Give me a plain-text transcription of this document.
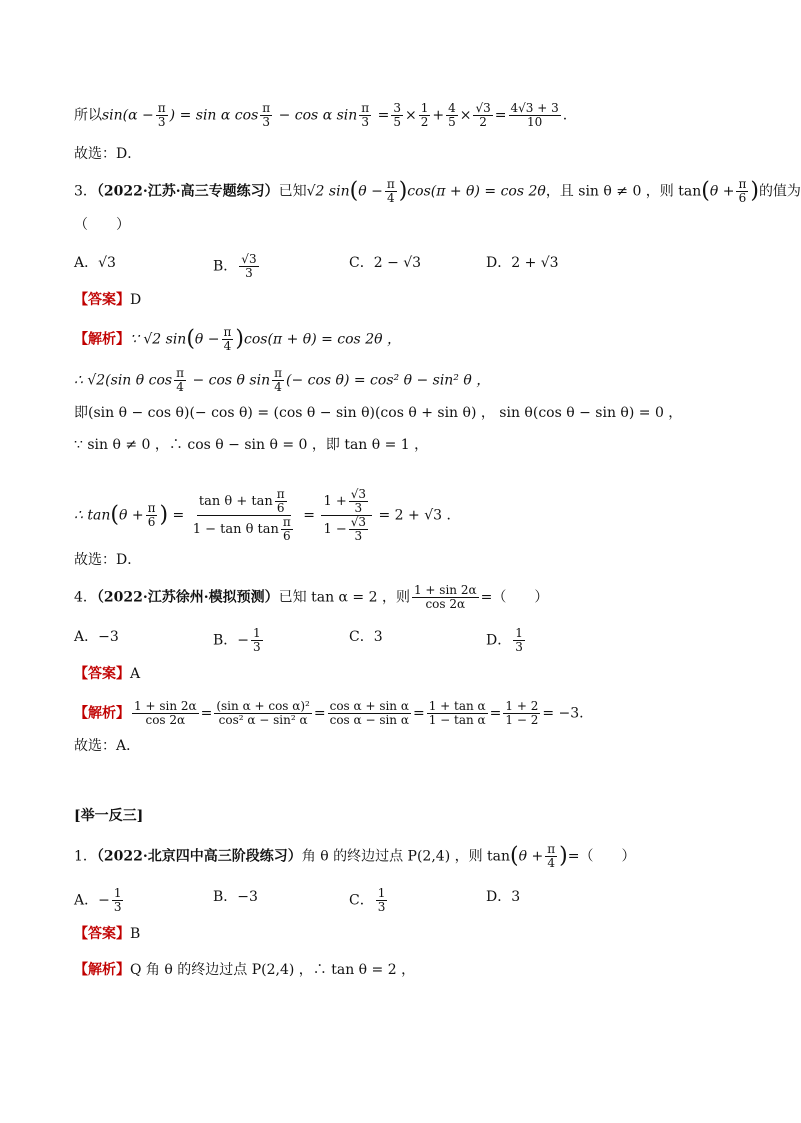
所以$\sin(\alpha - \frac{\pi}{3}$ ) = sin α $\cos \frac{\pi}{3} - \cos \alpha$ $\sin \frac{\pi}{3} = \frac{3}{5} \times \frac{1}{2} + \frac{4}{5} \times \frac{√3}{2} = \frac{4√3 + 3}{10}$ .
故选：D．
3．（2022·江苏·高三专题练习）已知√2 $\sin(\theta - \frac{\pi}{4} )\cos(\pi + \theta) = \cos 2\theta$，且 sin θ ≠ 0 ，则 $\tan(\theta + \frac{\pi}{6}$ )的值为
（　　）
A．√3	B． $\frac{√3}{3}$	C．2 − √3	D．2 + √3
【答案】D
【解析】∵ √2 $\sin(\theta - \frac{\pi}{4} )\cos(\pi + \theta) = \cos 2\theta$ ，
∴ √2(sin θ $\cos \frac{\pi}{4} - \cos \theta$ $\sin \frac{\pi}{4}$ (− cos θ) = cos² θ − sin² θ ，
即(sin θ − cos θ)(− cos θ) = (cos θ − sin θ)(cos θ + sin θ) ， sin θ(cos θ − sin θ) = 0 ，
∵ sin θ ≠ 0 ，∴ cos θ − sin θ = 0 ，即 tan θ = 1 ，
∴ $\tan(\theta + \frac{\pi}{6}$ ) = $\frac{\tan \theta + \tan \frac{\pi}{6}}{1 - \tan \theta \tan \frac{\pi}{6}} = \frac{1 + \frac{√3}{3}}{1 - \frac{√3}{3}} = 2 + √3$ ．
故选：D．
4．（2022·江苏徐州·模拟预测）已知 tan α = 2 ，则 $\frac{1 + \sin 2\alpha}{\cos 2\alpha}$ =（　　）
A．−3	B．− $\frac{1}{3}$	C．3	D． $\frac{1}{3}$
【答案】A
【解析】 $\frac{1 + \sin 2\alpha}{\cos 2\alpha} = \frac{\text{(sin α + cos α)²}}{\text{cos² α − sin² α}} = \frac{\text{cos α + sin α}}{\text{cos α − sin α}} = \frac{\text{1 + tan α}}{\text{1 − tan α}} = \frac{1 + 2}{1 - 2} = -3$.
故选：A．
[举一反三]
1．（2022·北京四中高三阶段练习）角 θ 的终边过点 P(2,4) ，则 $\tan(\theta + \frac{\pi}{4}$ )=（　　）
A．− $\frac{1}{3}$	B．−3	C． $\frac{1}{3}$	D．3
【答案】B
【解析】Q 角 θ 的终边过点 P(2,4) ，∴ tan θ = 2 ，
